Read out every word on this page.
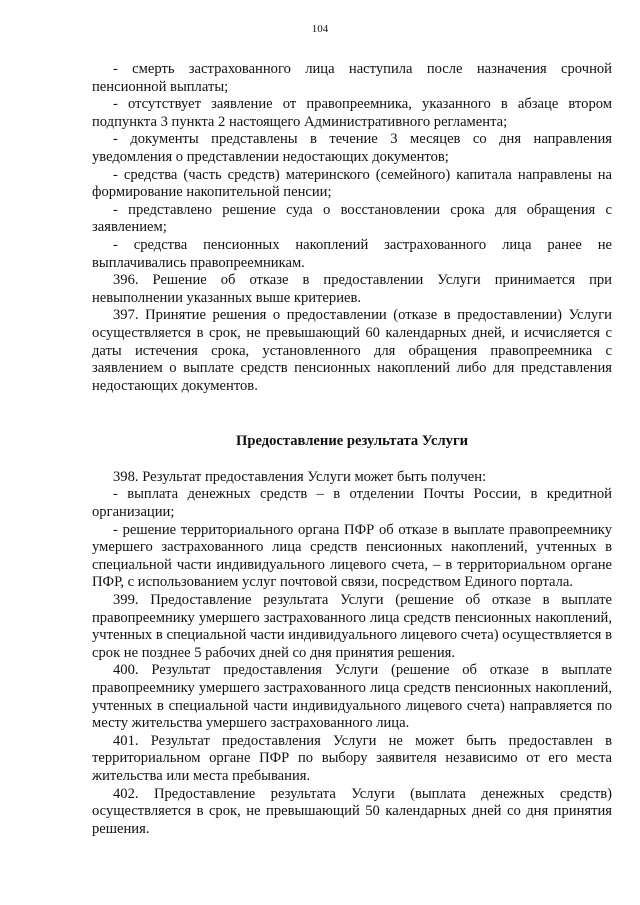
104

- смерть застрахованного лица наступила после назначения срочной пенсионной выплаты;

- отсутствует заявление от правопреемника, указанного в абзаце втором подпункта 3 пункта 2 настоящего Административного регламента;

- документы представлены в течение 3 месяцев со дня направления уведомления о представлении недостающих документов;

- средства (часть средств) материнского (семейного) капитала направлены на формирование накопительной пенсии;

- представлено решение суда о восстановлении срока для обращения с заявлением;

- средства пенсионных накоплений застрахованного лица ранее не выплачивались правопреемникам.

396. Решение об отказе в предоставлении Услуги принимается при невыполнении указанных выше критериев.

397. Принятие решения о предоставлении (отказе в предоставлении) Услуги осуществляется в срок, не превышающий 60 календарных дней, и исчисляется с даты истечения срока, установленного для обращения правопреемника с заявлением о выплате средств пенсионных накоплений либо для представления недостающих документов.

Предоставление результата Услуги

398. Результат предоставления Услуги может быть получен:

- выплата денежных средств – в отделении Почты России, в кредитной организации;

- решение территориального органа ПФР об отказе в выплате правопреемнику умершего застрахованного лица средств пенсионных накоплений, учтенных в специальной части индивидуального лицевого счета, – в территориальном органе ПФР, с использованием услуг почтовой связи, посредством Единого портала.

399. Предоставление результата Услуги (решение об отказе в выплате правопреемнику умершего застрахованного лица средств пенсионных накоплений, учтенных в специальной части индивидуального лицевого счета) осуществляется в срок не позднее 5 рабочих дней со дня принятия решения.

400. Результат предоставления Услуги (решение об отказе в выплате правопреемнику умершего застрахованного лица средств пенсионных накоплений, учтенных в специальной части индивидуального лицевого счета) направляется по месту жительства умершего застрахованного лица.

401. Результат предоставления Услуги не может быть предоставлен в территориальном органе ПФР по выбору заявителя независимо от его места жительства или места пребывания.

402. Предоставление результата Услуги (выплата денежных средств) осуществляется в срок, не превышающий 50 календарных дней со дня принятия решения.
